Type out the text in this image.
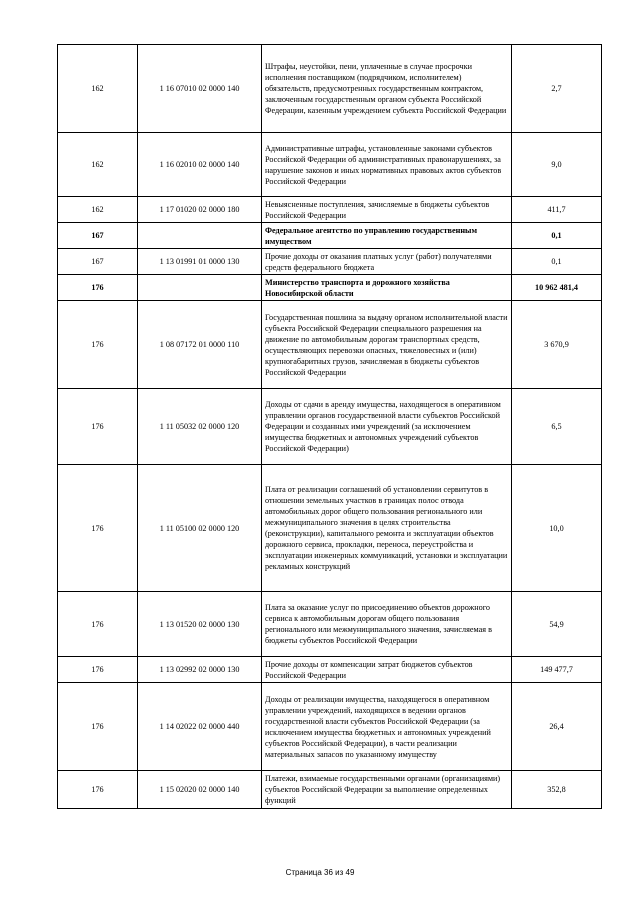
162	1 16 07010 02 0000 140	Штрафы, неустойки, пени, уплаченные в случае просрочки исполнения поставщиком (подрядчиком, исполнителем) обязательств, предусмотренных государственным контрактом, заключенным государственным органом субъекта Российской Федерации, казенным учреждением субъекта Российской Федерации	2,7
162	1 16 02010 02 0000 140	Административные штрафы, установленные законами субъектов Российской Федерации об административных правонарушениях, за нарушение законов и иных нормативных правовых актов субъектов Российской Федерации	9,0
162	1 17 01020 02 0000 180	Невыясненные поступления, зачисляемые в бюджеты субъектов Российской Федерации	411,7
167		Федеральное агентство по управлению государственным имуществом	0,1
167	1 13 01991 01 0000 130	Прочие доходы от оказания платных услуг (работ) получателями средств федерального бюджета	0,1
176		Министерство транспорта и дорожного хозяйства Новосибирской области	10 962 481,4
176	1 08 07172 01 0000 110	Государственная пошлина за выдачу органом исполнительной власти субъекта Российской Федерации специального разрешения на движение по автомобильным дорогам транспортных средств, осуществляющих перевозки опасных, тяжеловесных и (или) крупногабаритных грузов, зачисляемая в бюджеты субъектов Российской Федерации	3 670,9
176	1 11 05032 02 0000 120	Доходы от сдачи в аренду имущества, находящегося в оперативном управлении органов государственной власти субъектов Российской Федерации и созданных ими учреждений (за исключением имущества бюджетных и автономных учреждений субъектов Российской Федерации)	6,5
176	1 11 05100 02 0000 120	Плата от реализации соглашений об установлении сервитутов в отношении земельных участков в границах полос отвода автомобильных дорог общего пользования регионального или межмуниципального значения в целях строительства (реконструкции), капитального ремонта и эксплуатации объектов дорожного сервиса, прокладки, переноса, переустройства и эксплуатации инженерных коммуникаций, установки и эксплуатации рекламных конструкций	10,0
176	1 13 01520 02 0000 130	Плата за оказание услуг по присоединению объектов дорожного сервиса к автомобильным дорогам общего пользования регионального или межмуниципального значения, зачисляемая в бюджеты субъектов Российской Федерации	54,9
176	1 13 02992 02 0000 130	Прочие доходы от компенсации затрат бюджетов субъектов Российской Федерации	149 477,7
176	1 14 02022 02 0000 440	Доходы от реализации имущества, находящегося в оперативном управлении учреждений, находящихся в ведении органов государственной власти субъектов Российской Федерации (за исключением имущества бюджетных и автономных учреждений субъектов Российской Федерации), в части реализации материальных запасов по указанному имуществу	26,4
176	1 15 02020 02 0000 140	Платежи, взимаемые государственными органами (организациями) субъектов Российской Федерации за выполнение определенных функций	352,8
Страница 36 из 49
